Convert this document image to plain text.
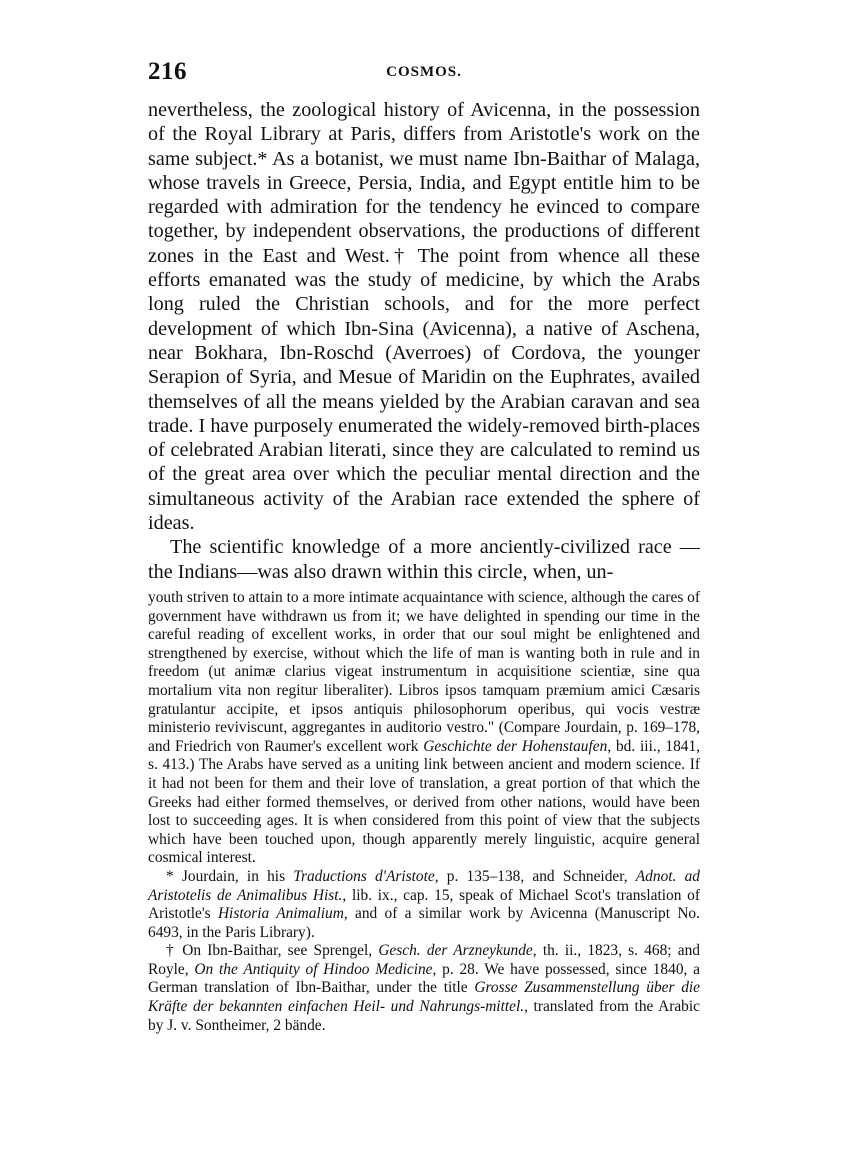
216	COSMOS.

nevertheless, the zoological history of Avicenna, in the possession of the Royal Library at Paris, differs from Aristotle's work on the same subject.* As a botanist, we must name Ibn-Baithar of Malaga, whose travels in Greece, Persia, India, and Egypt entitle him to be regarded with admiration for the tendency he evinced to compare together, by independent observations, the productions of different zones in the East and West.† The point from whence all these efforts emanated was the study of medicine, by which the Arabs long ruled the Christian schools, and for the more perfect development of which Ibn-Sina (Avicenna), a native of Aschena, near Bokhara, Ibn-Roschd (Averroes) of Cordova, the younger Serapion of Syria, and Mesue of Maridin on the Euphrates, availed themselves of all the means yielded by the Arabian caravan and sea trade. I have purposely enumerated the widely-removed birth-places of celebrated Arabian literati, since they are calculated to remind us of the great area over which the peculiar mental direction and the simultaneous activity of the Arabian race extended the sphere of ideas.

The scientific knowledge of a more anciently-civilized race —the Indians—was also drawn within this circle, when, un-

youth striven to attain to a more intimate acquaintance with science, although the cares of government have withdrawn us from it; we have delighted in spending our time in the careful reading of excellent works, in order that our soul might be enlightened and strengthened by exercise, without which the life of man is wanting both in rule and in freedom (ut animæ clarius vigeat instrumentum in acquisitione scientiæ, sine qua mortalium vita non regitur liberaliter). Libros ipsos tamquam præmium amici Cæsaris gratulantur accipite, et ipsos antiquis philosophorum operibus, qui vocis vestræ ministerio reviviscunt, aggregantes in auditorio vestro." (Compare Jourdain, p. 169–178, and Friedrich von Raumer's excellent work Geschichte der Hohenstaufen, bd. iii., 1841, s. 413.) The Arabs have served as a uniting link between ancient and modern science. If it had not been for them and their love of translation, a great portion of that which the Greeks had either formed themselves, or derived from other nations, would have been lost to succeeding ages. It is when considered from this point of view that the subjects which have been touched upon, though apparently merely linguistic, acquire general cosmical interest.

* Jourdain, in his Traductions d'Aristote, p. 135–138, and Schneider, Adnot. ad Aristotelis de Animalibus Hist., lib. ix., cap. 15, speak of Michael Scot's translation of Aristotle's Historia Animalium, and of a similar work by Avicenna (Manuscript No. 6493, in the Paris Library).

† On Ibn-Baithar, see Sprengel, Gesch. der Arzneykunde, th. ii., 1823, s. 468; and Royle, On the Antiquity of Hindoo Medicine, p. 28. We have possessed, since 1840, a German translation of Ibn-Baithar, under the title Grosse Zusammenstellung über die Kräfte der bekannten einfachen Heil- und Nahrungs-mittel., translated from the Arabic by J. v. Sontheimer, 2 bände.
